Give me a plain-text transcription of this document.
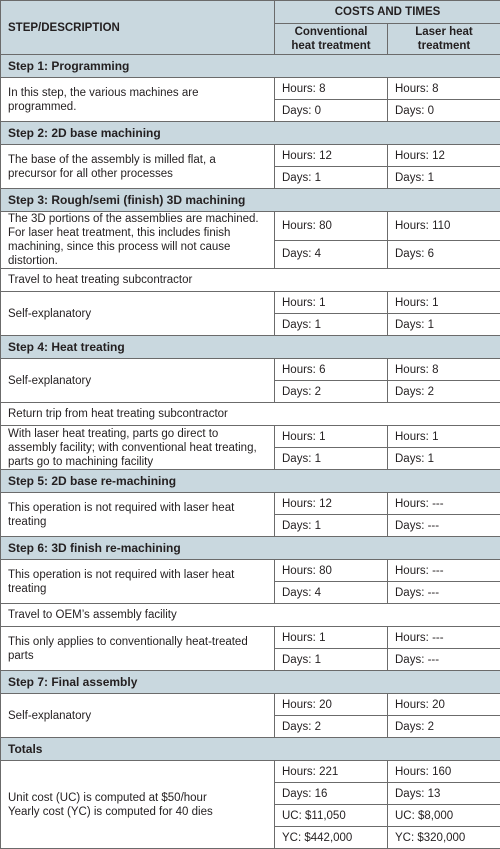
STEP/DESCRIPTION	COSTS AND TIMES	
	Conventional heat treatment	Laser heat treatment
Step 1: Programming		
In this step, the various machines are programmed.	Hours: 8	Hours: 8
	Days: 0	Days: 0
Step 2: 2D base machining		
The base of the assembly is milled flat, a precursor for all other processes	Hours: 12	Hours: 12
	Days: 1	Days: 1
Step 3: Rough/semi (finish) 3D machining		
The 3D portions of the assemblies are machined. For laser heat treatment, this includes finish machining, since this process will not cause distortion.	Hours: 80	Hours: 110
	Days: 4	Days: 6
Travel to heat treating subcontractor		
Self-explanatory	Hours: 1	Hours: 1
	Days: 1	Days: 1
Step 4: Heat treating		
Self-explanatory	Hours: 6	Hours: 8
	Days: 2	Days: 2
Return trip from heat treating subcontractor		
With laser heat treating, parts go direct to assembly facility; with conventional heat treating, parts go to machining facility	Hours: 1	Hours: 1
	Days: 1	Days: 1
Step 5: 2D base re-machining		
This operation is not required with laser heat treating	Hours: 12	Hours: ---
	Days: 1	Days: ---
Step 6: 3D finish re-machining		
This operation is not required with laser heat treating	Hours: 80	Hours: ---
	Days: 4	Days: ---
Travel to OEM’s assembly facility		
This only applies to conventionally heat-treated parts	Hours: 1	Hours: ---
	Days: 1	Days: ---
Step 7: Final assembly		
Self-explanatory	Hours: 20	Hours: 20
	Days: 2	Days: 2
Totals		
Unit cost (UC) is computed at $50/hour
Yearly cost (YC) is computed for 40 dies	Hours: 221	Hours: 160
	Days: 16	Days: 13
	UC: $11,050	UC: $8,000
	YC: $442,000	YC: $320,000
